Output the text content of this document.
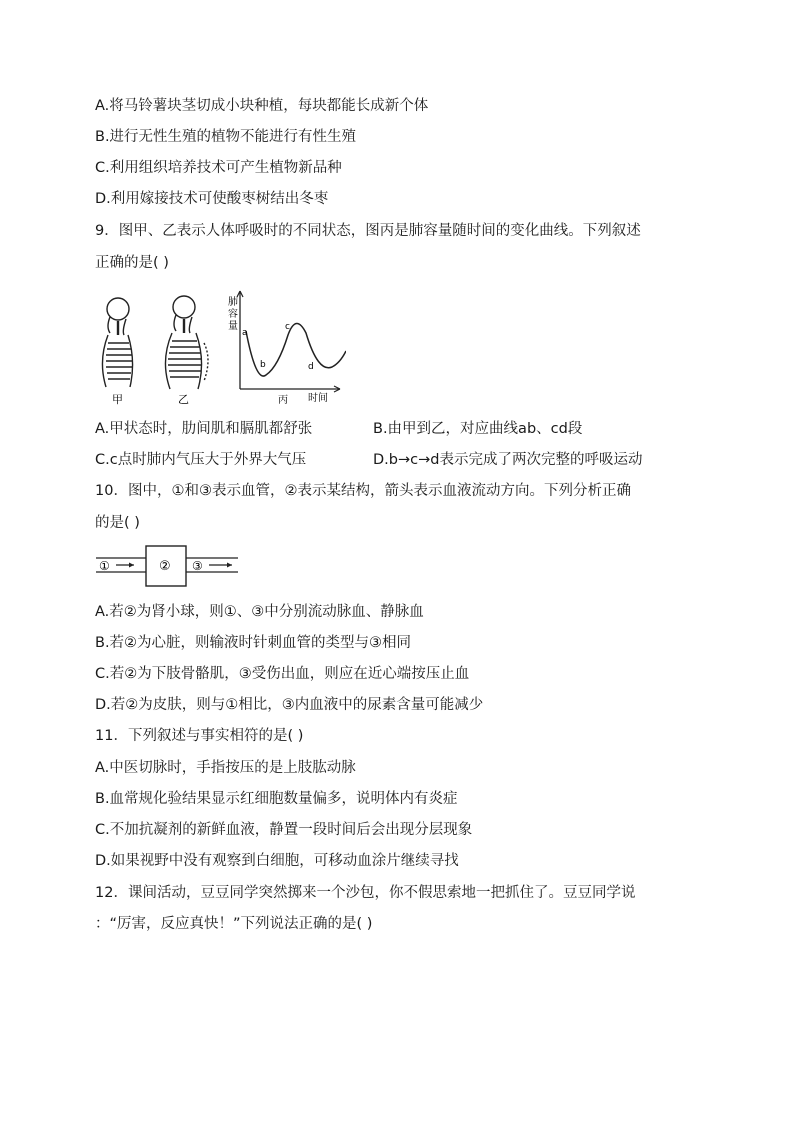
A.将马铃薯块茎切成小块种植，每块都能长成新个体
B.进行无性生殖的植物不能进行有性生殖
C.利用组织培养技术可产生植物新品种
D.利用嫁接技术可使酸枣树结出冬枣
9．图甲、乙表示人体呼吸时的不同状态，图丙是肺容量随时间的变化曲线。下列叙述
正确的是( )
甲	乙
肺
容
量
a
b
c
d
丙 时间
A.甲状态时，肋间肌和膈肌都舒张	B.由甲到乙，对应曲线ab、cd段
C.c点时肺内气压大于外界大气压	D.b→c→d表示完成了两次完整的呼吸运动
10．图中，①和③表示血管，②表示某结构，箭头表示血液流动方向。下列分析正确
的是( )
①	② ③
A.若②为肾小球，则①、③中分别流动脉血、静脉血
B.若②为心脏，则输液时针刺血管的类型与③相同
C.若②为下肢骨骼肌，③受伤出血，则应在近心端按压止血
D.若②为皮肤，则与①相比，③内血液中的尿素含量可能减少
11．下列叙述与事实相符的是( )
A.中医切脉时，手指按压的是上肢肱动脉
B.血常规化验结果显示红细胞数量偏多，说明体内有炎症
C.不加抗凝剂的新鲜血液，静置一段时间后会出现分层现象
D.如果视野中没有观察到白细胞，可移动血涂片继续寻找
12．课间活动，豆豆同学突然掷来一个沙包，你不假思索地一把抓住了。豆豆同学说
：“厉害，反应真快！”下列说法正确的是( )
